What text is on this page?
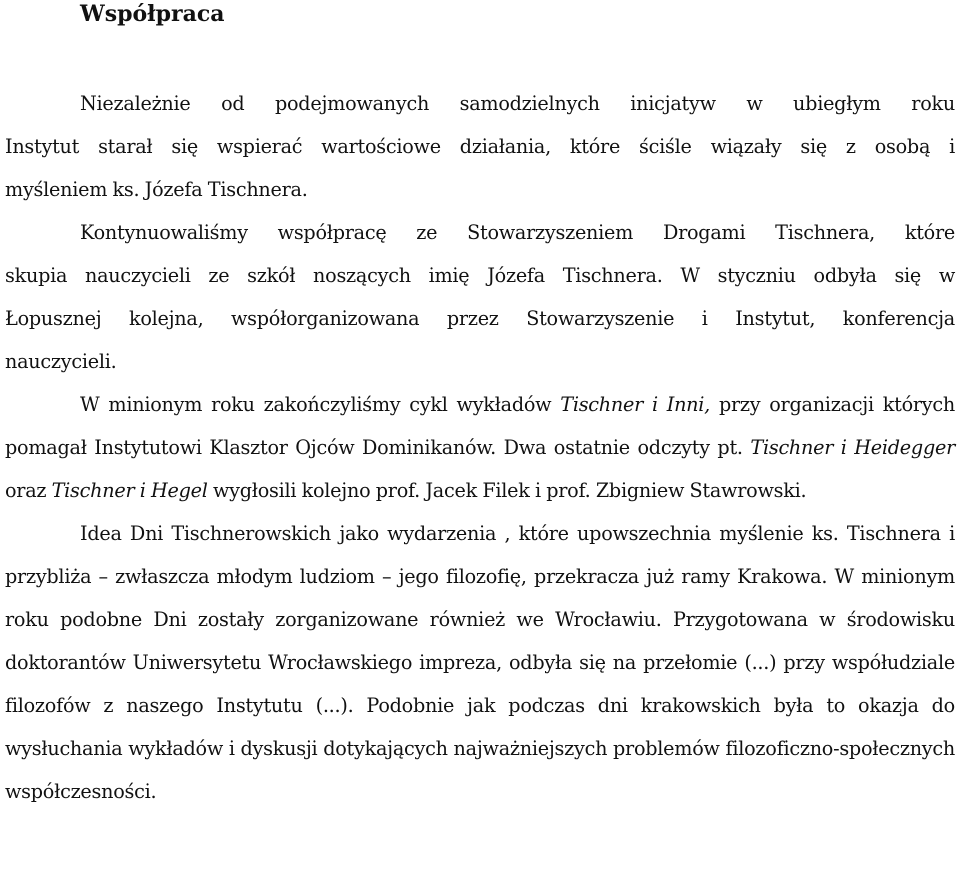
Współpraca
Niezależnie od podejmowanych samodzielnych inicjatyw w ubiegłym roku
Instytut starał się wspierać wartościowe działania, które ściśle wiązały się z osobą i
myśleniem ks. Józefa Tischnera.
Kontynuowaliśmy współpracę ze Stowarzyszeniem Drogami Tischnera, które
skupia nauczycieli ze szkół noszących imię Józefa Tischnera. W styczniu odbyła się w
Łopusznej kolejna, współorganizowana przez Stowarzyszenie i Instytut, konferencja
nauczycieli.
W minionym roku zakończyliśmy cykl wykładów Tischner i Inni, przy organizacji których pomagał Instytutowi Klasztor Ojców Dominikanów. Dwa ostatnie odczyty pt. Tischner i Heidegger oraz Tischner i Hegel wygłosili kolejno prof. Jacek Filek i prof. Zbigniew Stawrowski.
Idea Dni Tischnerowskich jako wydarzenia , które upowszechnia myślenie ks. Tischnera i przybliża – zwłaszcza młodym ludziom – jego filozofię, przekracza już ramy Krakowa. W minionym roku podobne Dni zostały zorganizowane również we Wrocławiu. Przygotowana w środowisku doktorantów Uniwersytetu Wrocławskiego impreza, odbyła się na przełomie (...) przy współudziale filozofów z naszego Instytutu (...). Podobnie jak podczas dni krakowskich była to okazja do wysłuchania wykładów i dyskusji dotykających najważniejszych problemów filozoficzno-społecznych współczesności.
